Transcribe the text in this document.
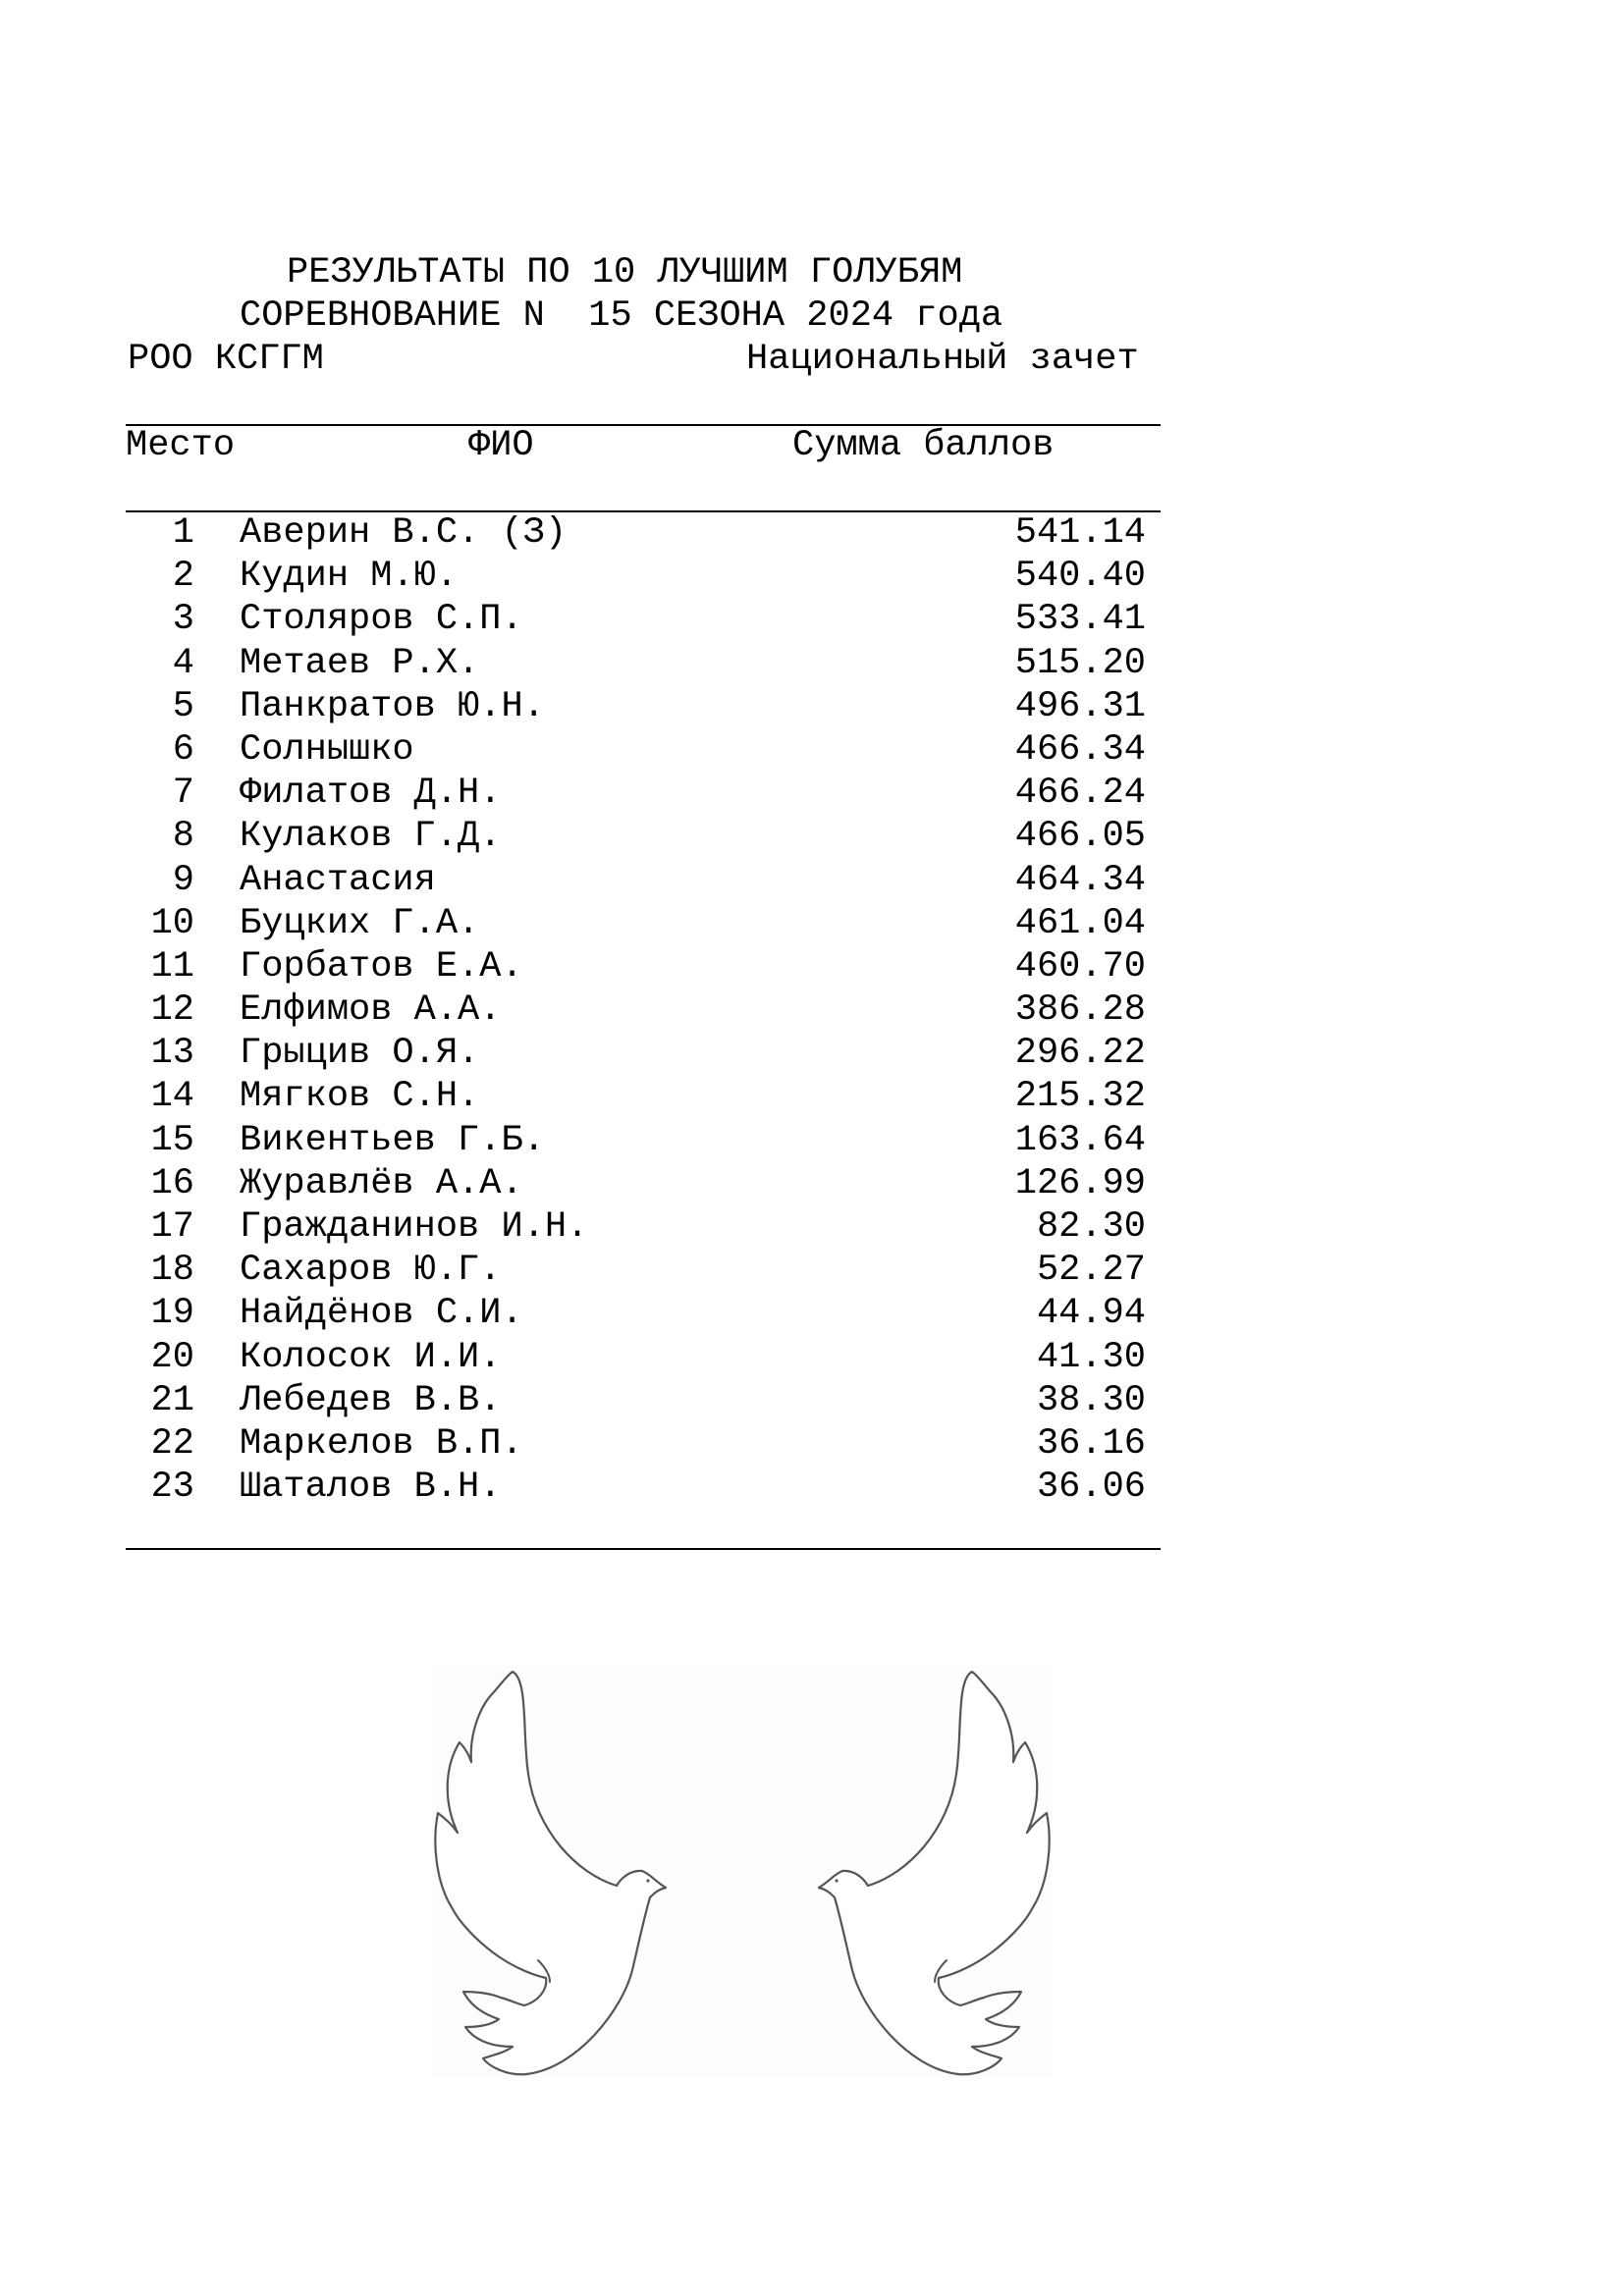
РЕЗУЛЬТАТЫ ПО 10 ЛУЧШИМ ГОЛУБЯМ
СОРЕВНОВАНИЕ N  15 СЕЗОНА 2024 года
РОО КСГГМ	Национальный зачет
Место	ФИО	Сумма баллов
1 Аверин В.С. (З)	541.14
2 Кудин М.Ю.	540.40
3 Столяров С.П.	533.41
4 Метаев Р.Х.	515.20
5 Панкратов Ю.Н.	496.31
6 Солнышко	466.34
7 Филатов Д.Н.	466.24
8 Кулаков Г.Д.	466.05
9 Анастасия	464.34
10 Буцких Г.А.	461.04
11 Горбатов Е.А.	460.70
12 Елфимов А.А.	386.28
13 Грыцив О.Я.	296.22
14 Мягков С.Н.	215.32
15 Викентьев Г.Б.	163.64
16 Журавлёв А.А.	126.99
17 Гражданинов И.Н.	82.30
18 Сахаров Ю.Г.	52.27
19 Найдёнов С.И.	44.94
20 Колосок И.И.	41.30
21 Лебедев В.В.	38.30
22 Маркелов В.П.	36.16
23 Шаталов В.Н.	36.06
